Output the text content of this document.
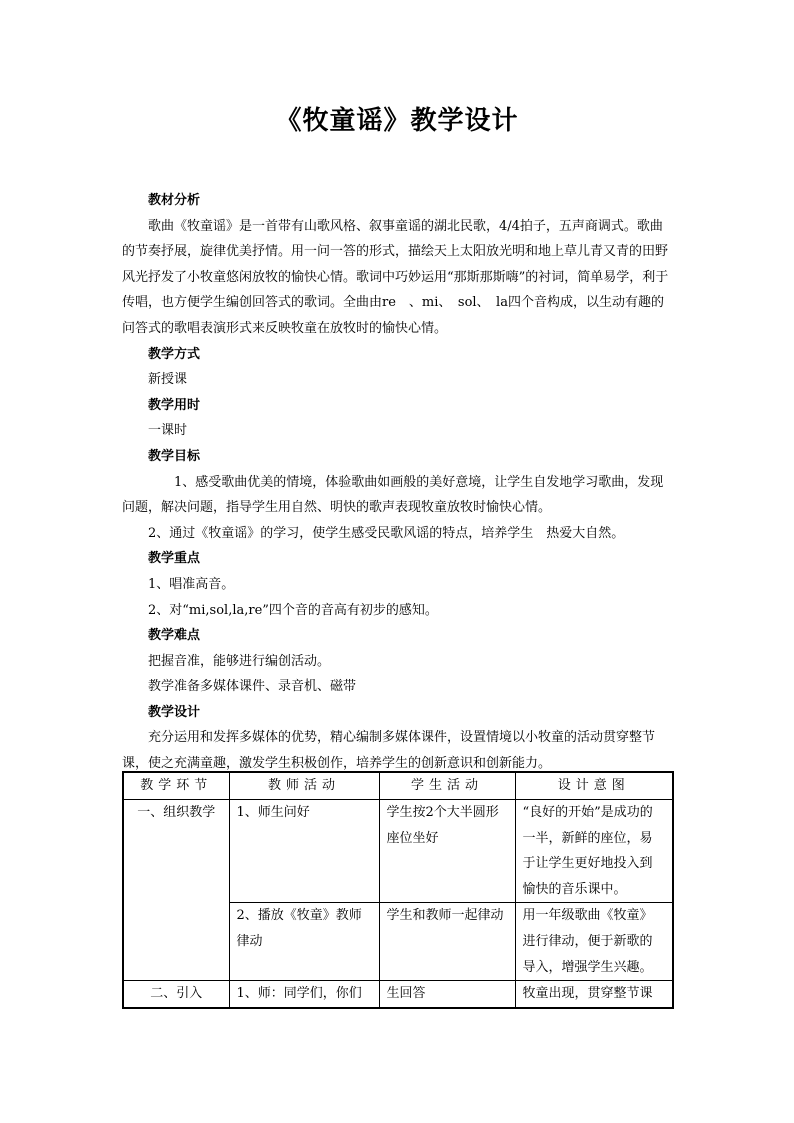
《牧童谣》教学设计

教材分析

歌曲《牧童谣》是一首带有山歌风格、叙事童谣的湖北民歌，4/4拍子，五声商调式。歌曲的节奏抒展，旋律优美抒情。用一问一答的形式，描绘天上太阳放光明和地上草儿青又青的田野风光抒发了小牧童悠闲放牧的愉快心情。歌词中巧妙运用“那斯那斯嗨”的衬词，简单易学，利于传唱，也方便学生编创回答式的歌词。全曲由re　、mi、　sol、　la四个音构成，以生动有趣的问答式的歌唱表演形式来反映牧童在放牧时的愉快心情。

教学方式

新授课

教学用时

一课时

教学目标

1、感受歌曲优美的情境，体验歌曲如画般的美好意境，让学生自发地学习歌曲，发现问题，解决问题，指导学生用自然、明快的歌声表现牧童放牧时愉快心情。

2、通过《牧童谣》的学习，使学生感受民歌风谣的特点，培养学生　热爱大自然。

教学重点

1、唱准高音。

2、对“mi,sol,la,re”四个音的音高有初步的感知。

教学难点

把握音准，能够进行编创活动。

教学准备多媒体课件、录音机、磁带

教学设计

充分运用和发挥多媒体的优势，精心编制多媒体课件，设置情境以小牧童的活动贯穿整节课，使之充满童趣，激发学生积极创作，培养学生的创新意识和创新能力。

教学环节	教师活动	学生活动	设计意图
一、组织教学	1、师生问好	学生按2个大半圆形座位坐好	“良好的开始”是成功的一半，新鲜的座位，易于让学生更好地投入到愉快的音乐课中。
	2、播放《牧童》教师律动	学生和教师一起律动	用一年级歌曲《牧童》进行律动，便于新歌的导入，增强学生兴趣。
二、引入	1、师：同学们，你们	生回答	牧童出现，贯穿整节课
